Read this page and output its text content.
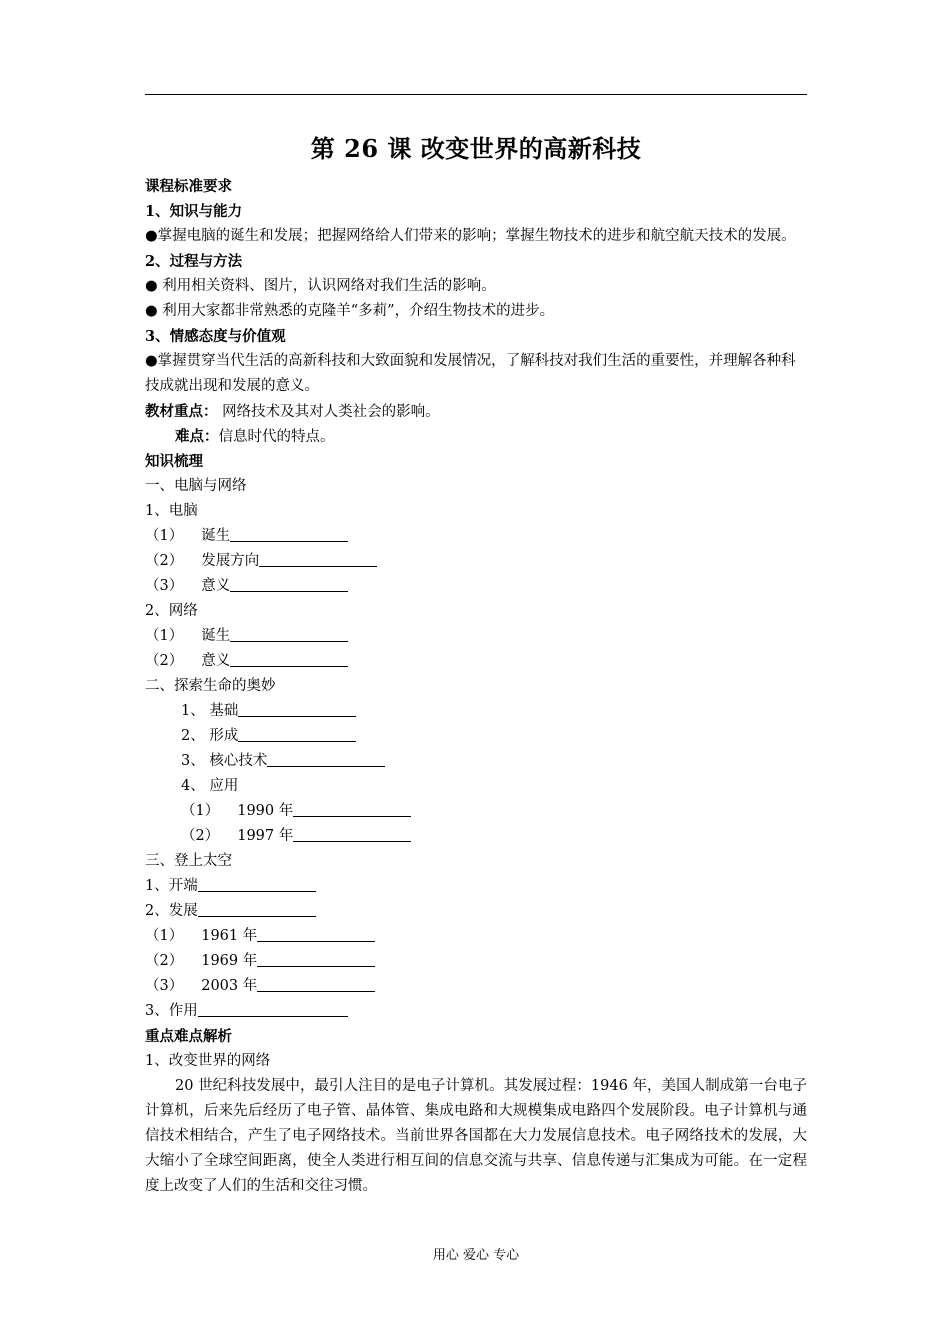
第 26 课 改变世界的高新科技
课程标准要求
1、知识与能力
●掌握电脑的诞生和发展；把握网络给人们带来的影响；掌握生物技术的进步和航空航天技术的发展。
2、过程与方法
● 利用相关资料、图片，认识网络对我们生活的影响。
● 利用大家都非常熟悉的克隆羊“多莉”，介绍生物技术的进步。
3、情感态度与价值观
●掌握贯穿当代生活的高新科技和大致面貌和发展情况，了解科技对我们生活的重要性，并理解各种科技成就出现和发展的意义。
教材重点： 网络技术及其对人类社会的影响。
难点：信息时代的特点。
知识梳理
一、电脑与网络
1、电脑
（1） 诞生
（2） 发展方向
（3） 意义
2、网络
（1） 诞生
（2） 意义
二、探索生命的奥妙
1、 基础
2、 形成
3、 核心技术
4、 应用
（1） 1990 年
（2） 1997 年
三、登上太空
1、开端
2、发展
（1） 1961 年
（2） 1969 年
（3） 2003 年
3、作用
重点难点解析
1、改变世界的网络
20 世纪科技发展中，最引人注目的是电子计算机。其发展过程：1946 年，美国人制成第一台电子计算机，后来先后经历了电子管、晶体管、集成电路和大规模集成电路四个发展阶段。电子计算机与通信技术相结合，产生了电子网络技术。当前世界各国都在大力发展信息技术。电子网络技术的发展，大大缩小了全球空间距离，使全人类进行相互间的信息交流与共享、信息传递与汇集成为可能。在一定程度上改变了人们的生活和交往习惯。
用心 爱心 专心
